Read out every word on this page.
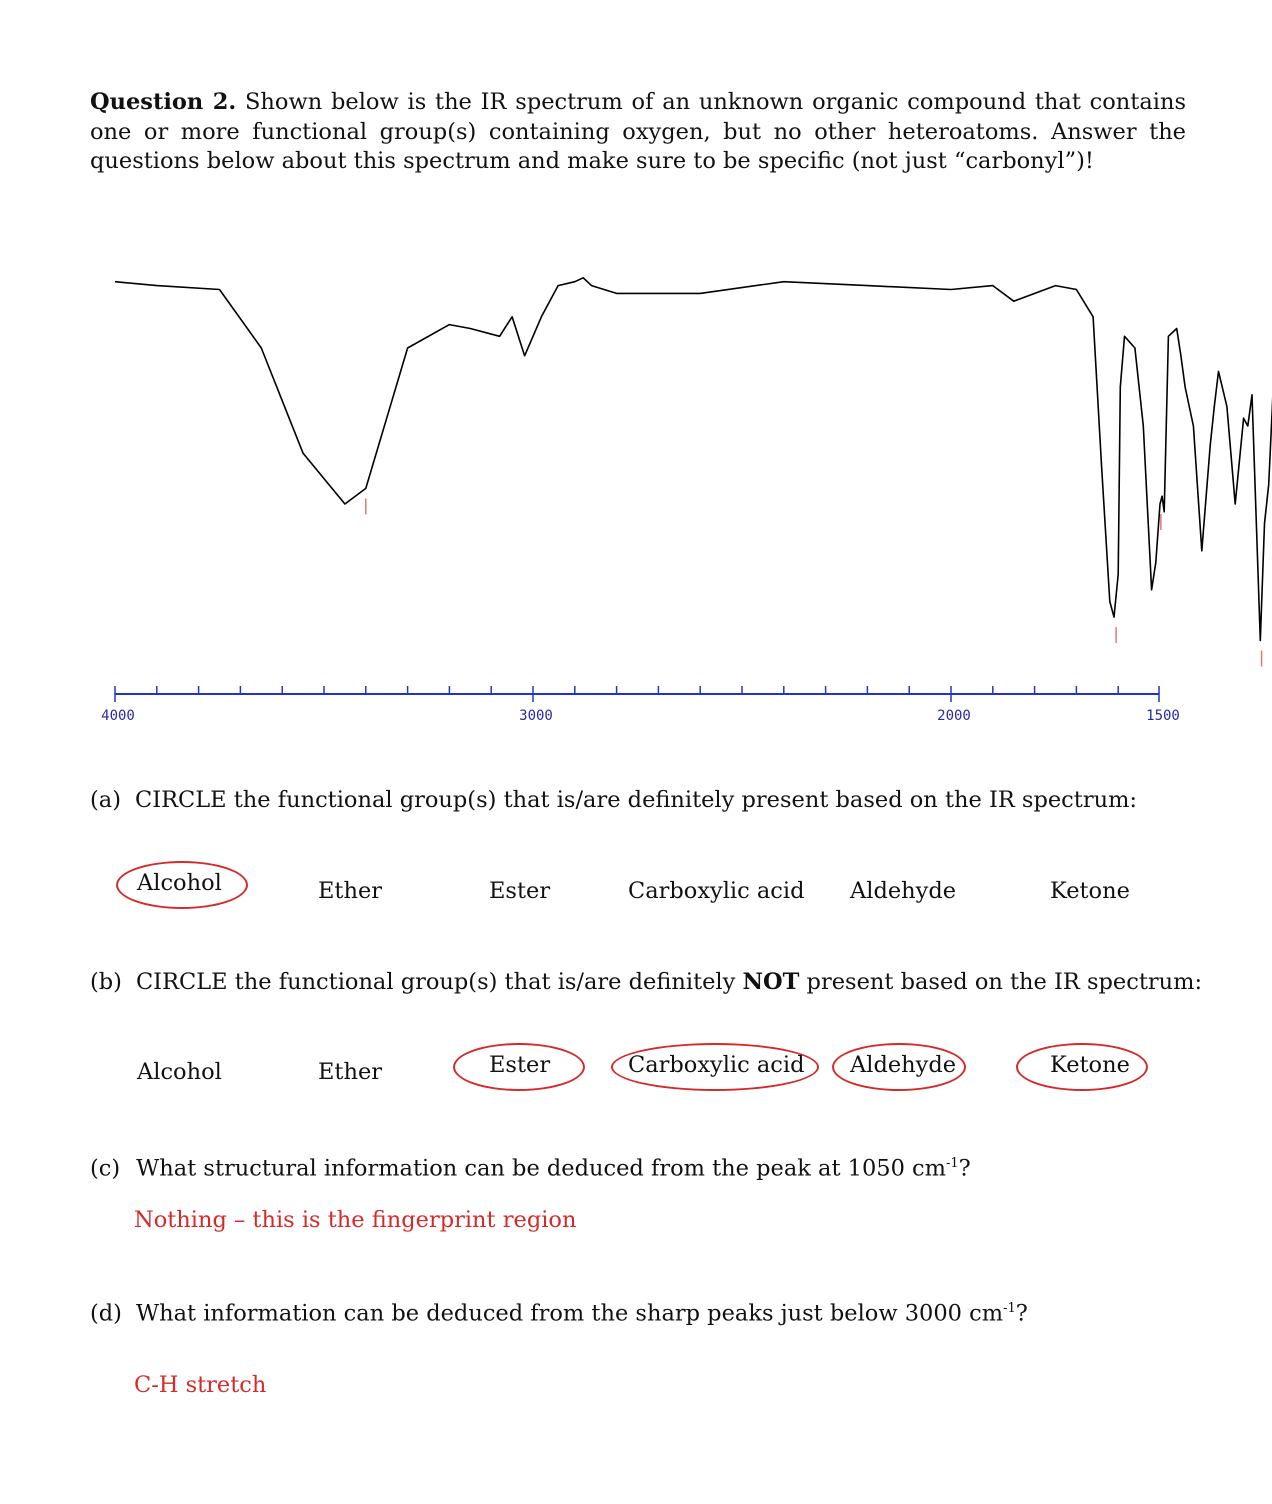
Question 2. Shown below is the IR spectrum of an unknown organic compound that contains one or more functional group(s) containing oxygen, but no other heteroatoms. Answer the questions below about this spectrum and make sure to be specific (not just “carbonyl”)!
4000	3000	2000	1500
(a) CIRCLE the functional group(s) that is/are definitely present based on the IR spectrum:
Alcohol	Ether	Ester	Carboxylic acid Aldehyde	Ketone
(b) CIRCLE the functional group(s) that is/are definitely NOT present based on the IR spectrum:
Alcohol	Ether	Ester	Carboxylic acid Aldehyde	Ketone
(c) What structural information can be deduced from the peak at 1050 $cm^{-1}$?
Nothing – this is the fingerprint region
(d) What information can be deduced from the sharp peaks just below 3000 $cm^{-1}$?
C-H stretch
